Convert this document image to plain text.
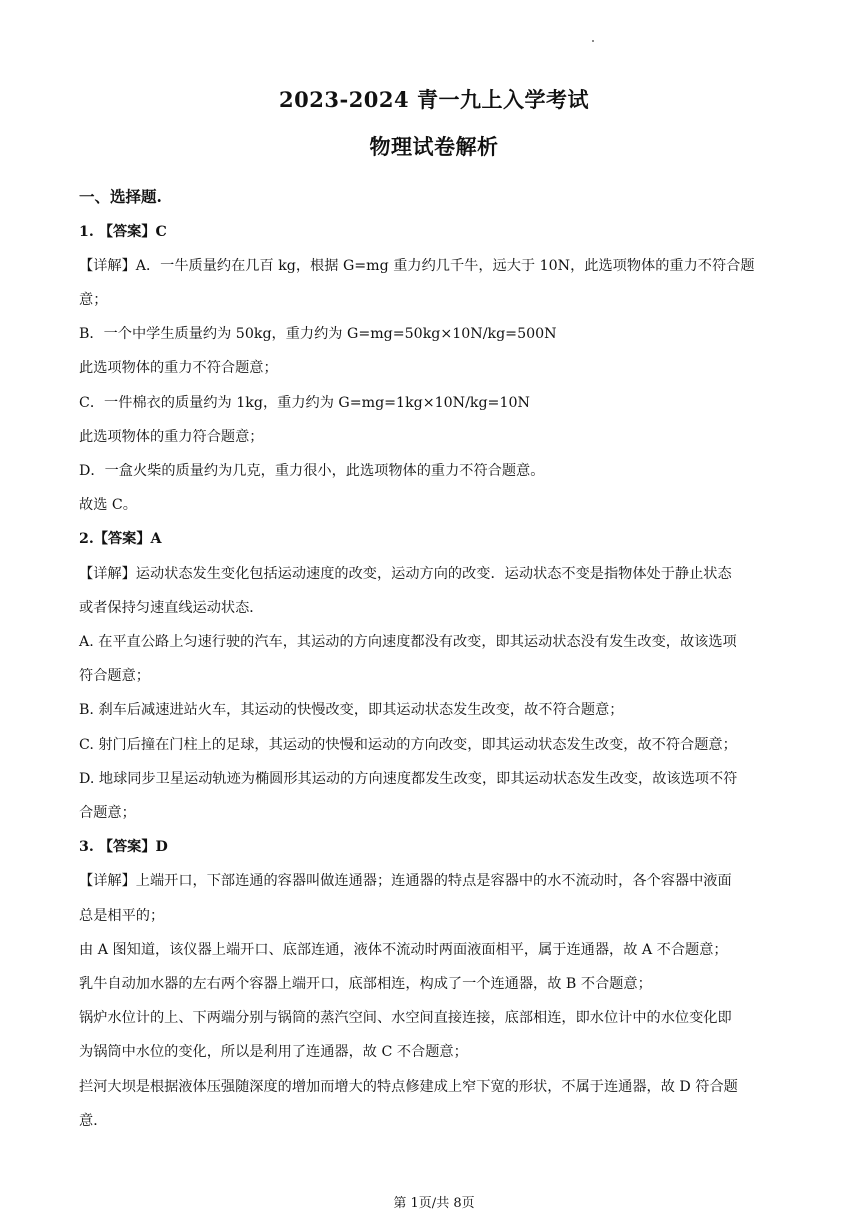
2023-2024 青一九上入学考试
物理试卷解析
一、选择题.
1. 【答案】C
【详解】A．一牛质量约在几百 kg，根据 G=mg 重力约几千牛，远大于 10N，此选项物体的重力不符合题
意；
B．一个中学生质量约为 50kg，重力约为 G=mg=50kg×10N/kg=500N
此选项物体的重力不符合题意；
C．一件棉衣的质量约为 1kg，重力约为 G=mg=1kg×10N/kg=10N
此选项物体的重力符合题意；
D．一盒火柴的质量约为几克，重力很小，此选项物体的重力不符合题意。
故选 C。
2.【答案】A
【详解】运动状态发生变化包括运动速度的改变，运动方向的改变．运动状态不变是指物体处于静止状态
或者保持匀速直线运动状态．
A. 在平直公路上匀速行驶的汽车，其运动的方向速度都没有改变，即其运动状态没有发生改变，故该选项
符合题意；
B. 刹车后减速进站火车，其运动的快慢改变，即其运动状态发生改变，故不符合题意；
C. 射门后撞在门柱上的足球，其运动的快慢和运动的方向改变，即其运动状态发生改变，故不符合题意；
D. 地球同步卫星运动轨迹为椭圆形其运动的方向速度都发生改变，即其运动状态发生改变，故该选项不符
合题意；
3. 【答案】D
【详解】上端开口，下部连通的容器叫做连通器；连通器的特点是容器中的水不流动时，各个容器中液面
总是相平的；
由 A 图知道，该仪器上端开口、底部连通，液体不流动时两面液面相平，属于连通器，故 A 不合题意；
乳牛自动加水器的左右两个容器上端开口，底部相连，构成了一个连通器，故 B 不合题意；
锅炉水位计的上、下两端分别与锅筒的蒸汽空间、水空间直接连接，底部相连，即水位计中的水位变化即
为锅筒中水位的变化，所以是利用了连通器，故 C 不合题意；
拦河大坝是根据液体压强随深度的增加而增大的特点修建成上窄下宽的形状，不属于连通器，故 D 符合题
意．
第 1页/共 8页
